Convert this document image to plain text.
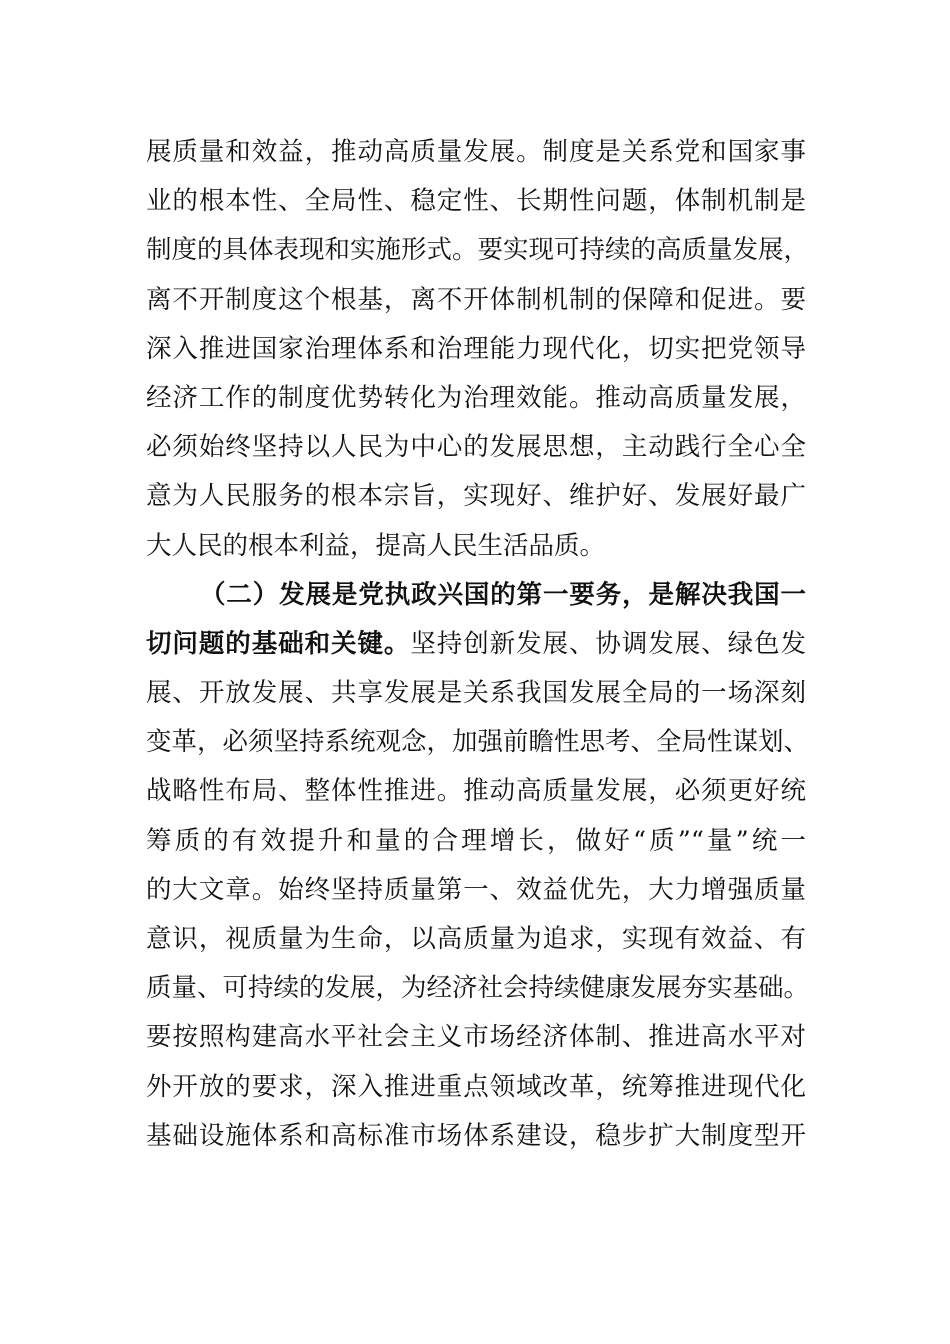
展质量和效益，推动高质量发展。制度是关系党和国家事
业的根本性、全局性、稳定性、长期性问题，体制机制是
制度的具体表现和实施形式。要实现可持续的高质量发展，
离不开制度这个根基，离不开体制机制的保障和促进。要
深入推进国家治理体系和治理能力现代化，切实把党领导
经济工作的制度优势转化为治理效能。推动高质量发展，
必须始终坚持以人民为中心的发展思想，主动践行全心全
意为人民服务的根本宗旨，实现好、维护好、发展好最广
大人民的根本利益，提高人民生活品质。
（二）发展是党执政兴国的第一要务，是解决我国一
切问题的基础和关键。坚持创新发展、协调发展、绿色发
展、开放发展、共享发展是关系我国发展全局的一场深刻
变革，必须坚持系统观念，加强前瞻性思考、全局性谋划、
战略性布局、整体性推进。推动高质量发展，必须更好统
筹质的有效提升和量的合理增长，做好“质”“量”统一
的大文章。始终坚持质量第一、效益优先，大力增强质量
意识，视质量为生命，以高质量为追求，实现有效益、有
质量、可持续的发展，为经济社会持续健康发展夯实基础。
要按照构建高水平社会主义市场经济体制、推进高水平对
外开放的要求，深入推进重点领域改革，统筹推进现代化
基础设施体系和高标准市场体系建设，稳步扩大制度型开
